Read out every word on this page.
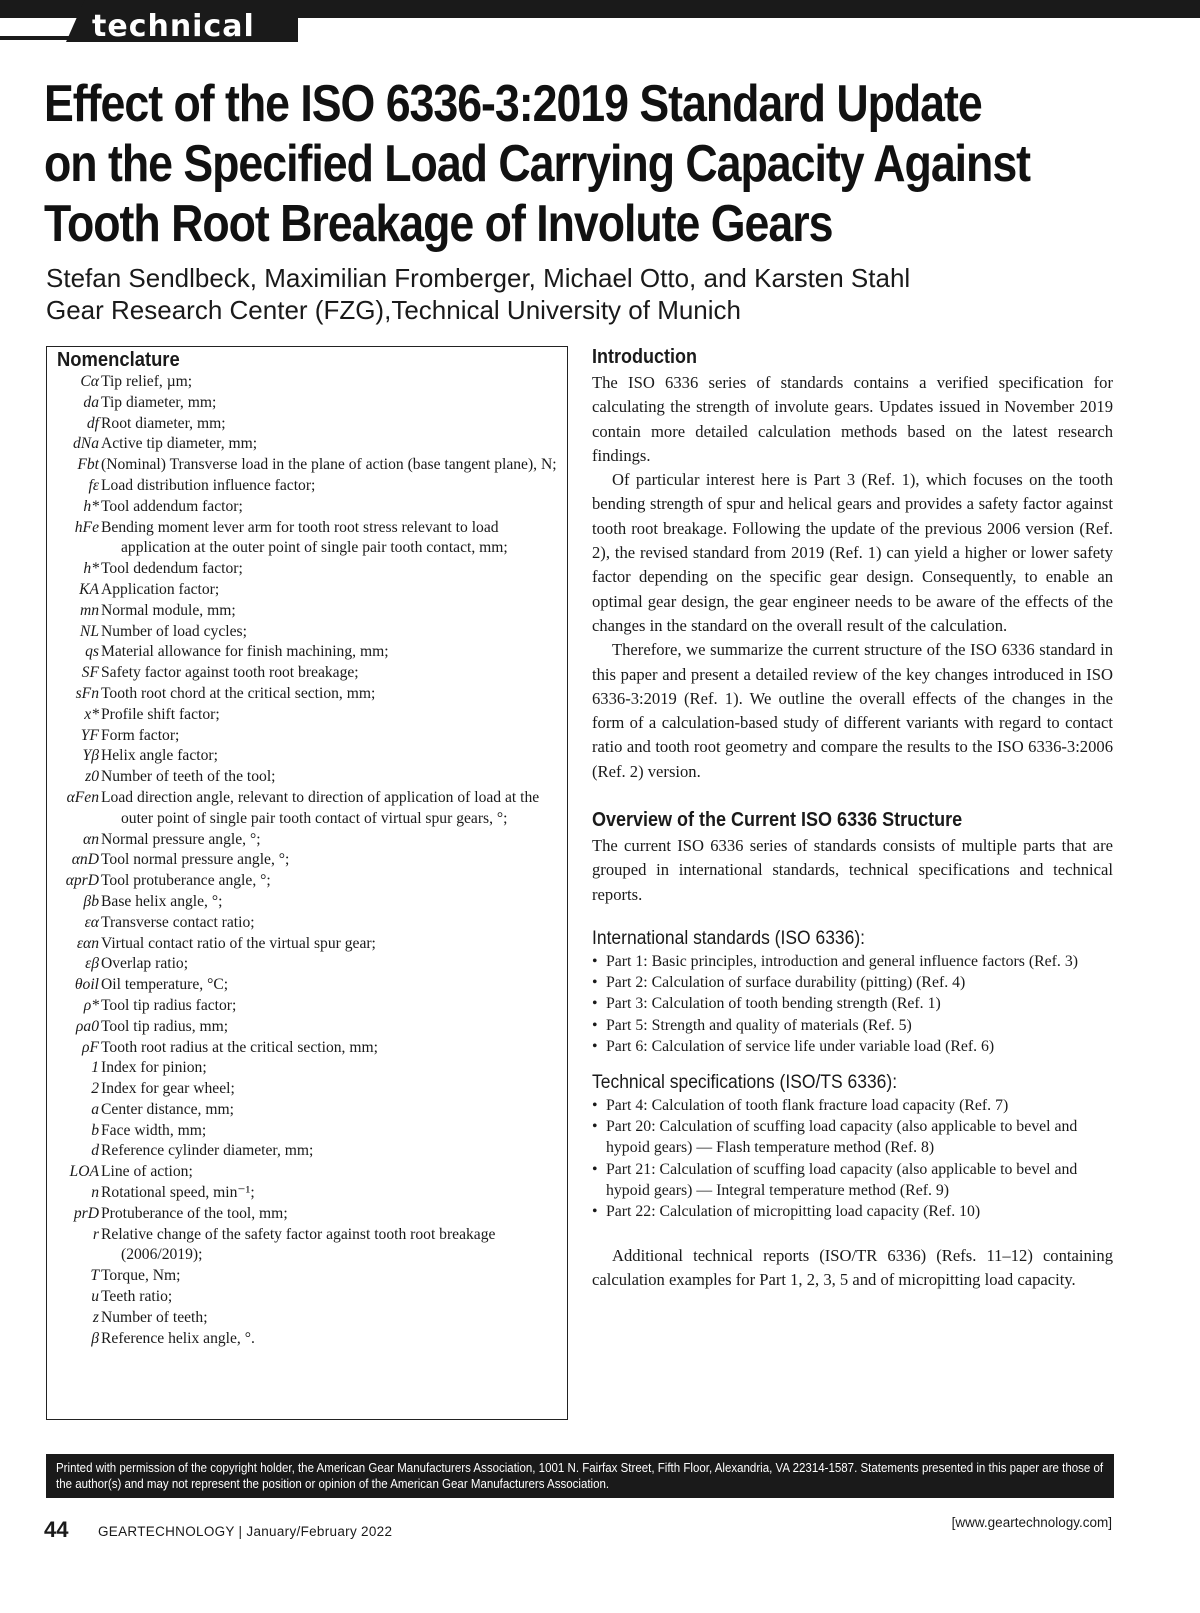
technical
Effect of the ISO 6336-3:2019 Standard Update
on the Specified Load Carrying Capacity Against
Tooth Root Breakage of Involute Gears
Stefan Sendlbeck, Maximilian Fromberger, Michael Otto, and Karsten Stahl
Gear Research Center (FZG),Technical University of Munich
Nomenclature
Cα Tip relief, µm;
da Tip diameter, mm;
df Root diameter, mm;
dNa Active tip diameter, mm;
Fbt (Nominal) Transverse load in the plane of action (base tangent plane), N;
fε Load distribution influence factor;
h* Tool addendum factor;
hFe Bending moment lever arm for tooth root stress relevant to load application at the outer point of single pair tooth contact, mm;
h* Tool dedendum factor;
KA Application factor;
mn Normal module, mm;
NL Number of load cycles;
qs Material allowance for finish machining, mm;
SF Safety factor against tooth root breakage;
sFn Tooth root chord at the critical section, mm;
x* Profile shift factor;
YF Form factor;
Yβ Helix angle factor;
z0 Number of teeth of the tool;
αFen Load direction angle, relevant to direction of application of load at the outer point of single pair tooth contact of virtual spur gears, °;
αn Normal pressure angle, °;
αnD Tool normal pressure angle, °;
αprD Tool protuberance angle, °;
βb Base helix angle, °;
εα Transverse contact ratio;
εαn Virtual contact ratio of the virtual spur gear;
εβ Overlap ratio;
θoil Oil temperature, °C;
ρ* Tool tip radius factor;
ρa0 Tool tip radius, mm;
ρF Tooth root radius at the critical section, mm;
1 Index for pinion;
2 Index for gear wheel;
a Center distance, mm;
b Face width, mm;
d Reference cylinder diameter, mm;
LOA Line of action;
n Rotational speed, min⁻¹;
prD Protuberance of the tool, mm;
r Relative change of the safety factor against tooth root breakage (2006/2019);
T Torque, Nm;
u Teeth ratio;
z Number of teeth;
β Reference helix angle, °.
Introduction

The ISO 6336 series of standards contains a verified specification for calculating the strength of involute gears. Updates issued in November 2019 contain more detailed calculation methods based on the latest research findings.

Of particular interest here is Part 3 (Ref. 1), which focuses on the tooth bending strength of spur and helical gears and provides a safety factor against tooth root breakage. Following the update of the previous 2006 version (Ref. 2), the revised standard from 2019 (Ref. 1) can yield a higher or lower safety factor depending on the specific gear design. Consequently, to enable an optimal gear design, the gear engineer needs to be aware of the effects of the changes in the standard on the overall result of the calculation.

Therefore, we summarize the current structure of the ISO 6336 standard in this paper and present a detailed review of the key changes introduced in ISO 6336-3:2019 (Ref. 1). We outline the overall effects of the changes in the form of a calculation-based study of different variants with regard to contact ratio and tooth root geometry and compare the results to the ISO 6336-3:2006 (Ref. 2) version.

Overview of the Current ISO 6336 Structure

The current ISO 6336 series of standards consists of multiple parts that are grouped in international standards, technical specifications and technical reports.

International standards (ISO 6336):
• Part 1: Basic principles, introduction and general influence factors (Ref. 3)
• Part 2: Calculation of surface durability (pitting) (Ref. 4)
• Part 3: Calculation of tooth bending strength (Ref. 1)
• Part 5: Strength and quality of materials (Ref. 5)
• Part 6: Calculation of service life under variable load (Ref. 6)
Technical specifications (ISO/TS 6336):
• Part 4: Calculation of tooth flank fracture load capacity (Ref. 7)
• Part 20: Calculation of scuffing load capacity (also applicable to bevel and hypoid gears) — Flash temperature method (Ref. 8)
• Part 21: Calculation of scuffing load capacity (also applicable to bevel and hypoid gears) — Integral temperature method (Ref. 9)
• Part 22: Calculation of micropitting load capacity (Ref. 10)

Additional technical reports (ISO/TR 6336) (Refs. 11–12) containing calculation examples for Part 1, 2, 3, 5 and of micropitting load capacity.

Printed with permission of the copyright holder, the American Gear Manufacturers Association, 1001 N. Fairfax Street, Fifth Floor, Alexandria, VA 22314-1587. Statements presented in this paper are those of the author(s) and may not represent the position or opinion of the American Gear Manufacturers Association.

44 GEARTECHNOLOGY | January/February 2022
[www.geartechnology.com]
